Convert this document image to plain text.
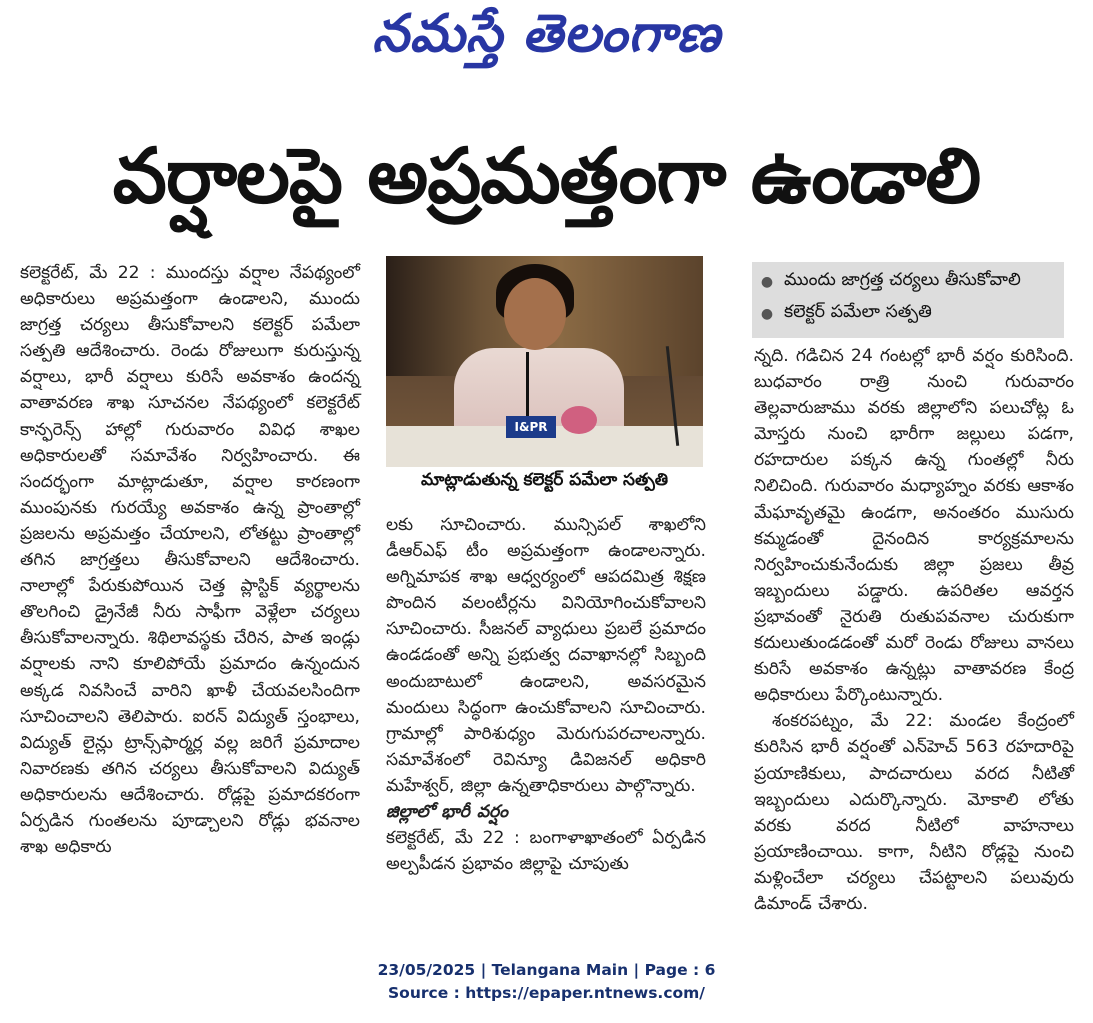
నమస్తే తెలంగాణ
వర్షాలపై అప్రమత్తంగా ఉండాలి

కలెక్టరేట్, మే 22 : ముందస్తు వర్షాల నేపథ్యంలో అధికారులు అప్రమత్తంగా ఉండాలని, ముందు జాగ్రత్త చర్యలు తీసుకోవాలని కలెక్టర్ పమేలా సత్పతి ఆదేశించారు. రెండు రోజులుగా కురుస్తున్న వర్షాలు, భారీ వర్షాలు కురిసే అవకాశం ఉందన్న వాతావరణ శాఖ సూచనల నేపథ్యంలో కలెక్టరేట్ కాన్ఫరెన్స్ హాల్లో గురువారం వివిధ శాఖల అధికారులతో సమావేశం నిర్వహించారు. ఈ సందర్భంగా మాట్లాడుతూ, వర్షాల కారణంగా ముంపునకు గురయ్యే అవకాశం ఉన్న ప్రాంతాల్లో ప్రజలను అప్రమత్తం చేయాలని, లోతట్టు ప్రాంతాల్లో తగిన జాగ్రత్తలు తీసుకోవాలని ఆదేశించారు. నాలాల్లో పేరుకుపోయిన చెత్త ప్లాస్టిక్ వ్యర్థాలను తొలగించి డ్రైనేజీ నీరు సాఫీగా వెళ్లేలా చర్యలు తీసుకోవాలన్నారు. శిథిలావస్థకు చేరిన, పాత ఇండ్లు వర్షాలకు నాని కూలిపోయే ప్రమాదం ఉన్నందున అక్కడ నివసించే వారిని ఖాళీ చేయవలసిందిగా సూచించాలని తెలిపారు. ఐరన్ విద్యుత్ స్తంభాలు, విద్యుత్ లైన్లు ట్రాన్స్‌ఫార్మర్ల వల్ల జరిగే ప్రమాదాల నివారణకు తగిన చర్యలు తీసుకోవాలని విద్యుత్ అధికారులను ఆదేశించారు. రోడ్లపై ప్రమాదకరంగా ఏర్పడిన గుంతలను పూడ్చాలని రోడ్లు భవనాల శాఖ అధికారు

I&PR
మాట్లాడుతున్న కలెక్టర్ పమేలా సత్పతి

లకు సూచించారు. మున్సిపల్ శాఖలోని డీఆర్ఎఫ్ టీం అప్రమత్తంగా ఉండాలన్నారు. అగ్నిమాపక శాఖ ఆధ్వర్యంలో ఆపదమిత్ర శిక్షణ పొందిన వలంటీర్లను వినియోగించుకోవాలని సూచించారు. సీజనల్ వ్యాధులు ప్రబలే ప్రమాదం ఉండడంతో అన్ని ప్రభుత్వ దవాఖానల్లో సిబ్బంది అందుబాటులో ఉండాలని, అవసరమైన మందులు సిద్ధంగా ఉంచుకోవాలని సూచించారు. గ్రామాల్లో పారిశుధ్యం మెరుగుపరచాలన్నారు. సమావేశంలో రెవిన్యూ డివిజనల్ అధికారి మహేశ్వర్, జిల్లా ఉన్నతాధికారులు పాల్గొన్నారు.

జిల్లాలో భారీ వర్షం

కలెక్టరేట్, మే 22 : బంగాళాఖాతంలో ఏర్పడిన అల్పపీడన ప్రభావం జిల్లాపై చూపుతు

● ముందు జాగ్రత్త చర్యలు తీసుకోవాలి
● కలెక్టర్ పమేలా సత్పతి

న్నది. గడిచిన 24 గంటల్లో భారీ వర్షం కురిసింది. బుధవారం రాత్రి నుంచి గురువారం తెల్లవారుజాము వరకు జిల్లాలోని పలుచోట్ల ఓ మోస్తరు నుంచి భారీగా జల్లులు పడగా, రహదారుల పక్కన ఉన్న గుంతల్లో నీరు నిలిచింది. గురువారం మధ్యాహ్నం వరకు ఆకాశం మేఘావృతమై ఉండగా, అనంతరం ముసురు కమ్మడంతో దైనందిన కార్యక్రమాలను నిర్వహించుకునేందుకు జిల్లా ప్రజలు తీవ్ర ఇబ్బందులు పడ్డారు. ఉపరితల ఆవర్తన ప్రభావంతో నైరుతి రుతుపవనాల చురుకుగా కదులుతుండడంతో మరో రెండు రోజులు వానలు కురిసే అవకాశం ఉన్నట్లు వాతావరణ కేంద్ర అధికారులు పేర్కొంటున్నారు.

శంకరపట్నం, మే 22: మండల కేంద్రంలో కురిసిన భారీ వర్షంతో ఎన్‌హెచ్ 563 రహదారిపై ప్రయాణికులు, పాదచారులు వరద నీటితో ఇబ్బందులు ఎదుర్కొన్నారు. మోకాలి లోతు వరకు వరద నీటిలో వాహనాలు ప్రయాణించాయి. కాగా, నీటిని రోడ్లపై నుంచి మళ్లించేలా చర్యలు చేపట్టాలని పలువురు డిమాండ్ చేశారు.

23/05/2025 | Telangana Main | Page : 6
Source : https://epaper.ntnews.com/
